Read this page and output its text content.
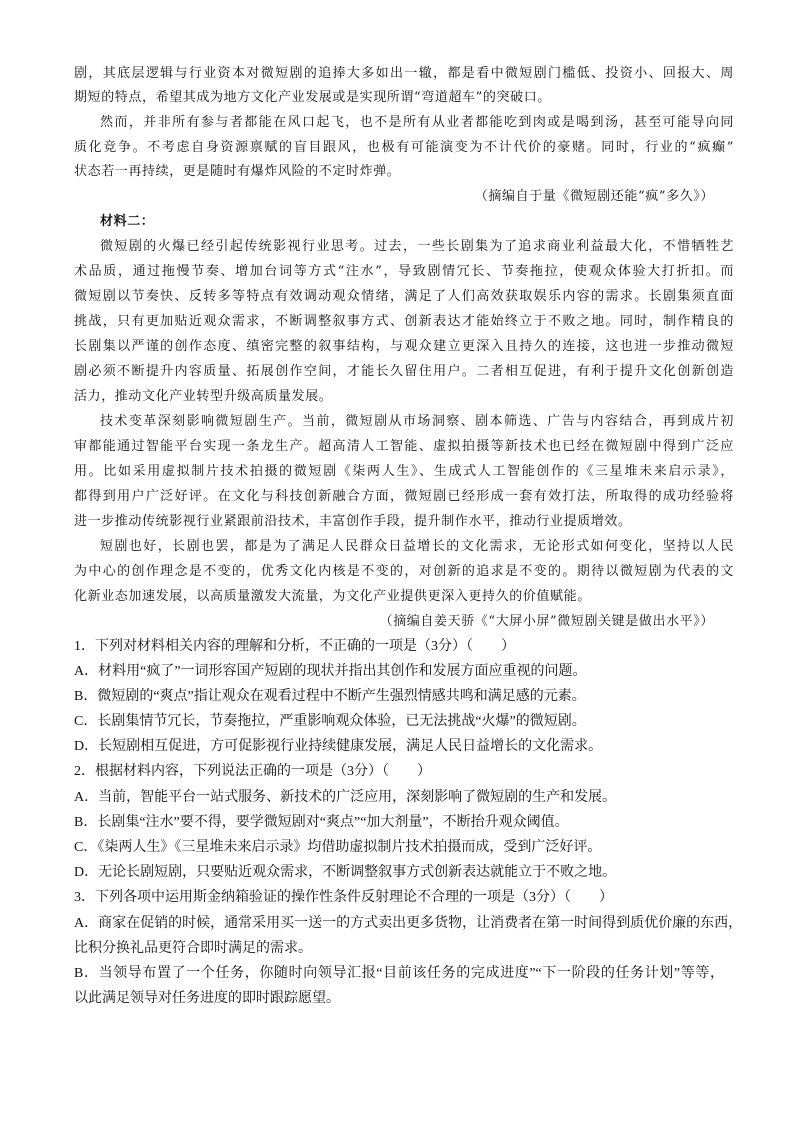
剧，其底层逻辑与行业资本对微短剧的追捧大多如出一辙，都是看中微短剧门槛低、投资小、回报大、周
期短的特点，希望其成为地方文化产业发展或是实现所谓“弯道超车”的突破口。
然而，并非所有参与者都能在风口起飞，也不是所有从业者都能吃到肉或是喝到汤，甚至可能导向同
质化竞争。不考虑自身资源禀赋的盲目跟风，也极有可能演变为不计代价的豪赌。同时，行业的“疯癫”
状态若一再持续，更是随时有爆炸风险的不定时炸弹。
（摘编自于量《微短剧还能“疯”多久》）
材料二：
微短剧的火爆已经引起传统影视行业思考。过去，一些长剧集为了追求商业利益最大化，不惜牺牲艺
术品质，通过拖慢节奏、增加台词等方式“注水”，导致剧情冗长、节奏拖拉，使观众体验大打折扣。而
微短剧以节奏快、反转多等特点有效调动观众情绪，满足了人们高效获取娱乐内容的需求。长剧集须直面
挑战，只有更加贴近观众需求，不断调整叙事方式、创新表达才能始终立于不败之地。同时，制作精良的
长剧集以严谨的创作态度、缜密完整的叙事结构，与观众建立更深入且持久的连接，这也进一步推动微短
剧必须不断提升内容质量、拓展创作空间，才能长久留住用户。二者相互促进，有利于提升文化创新创造
活力，推动文化产业转型升级高质量发展。
技术变革深刻影响微短剧生产。当前，微短剧从市场洞察、剧本筛选、广告与内容结合，再到成片初
审都能通过智能平台实现一条龙生产。超高清人工智能、虚拟拍摄等新技术也已经在微短剧中得到广泛应
用。比如采用虚拟制片技术拍摄的微短剧《柒两人生》、生成式人工智能创作的《三星堆未来启示录》，
都得到用户广泛好评。在文化与科技创新融合方面，微短剧已经形成一套有效打法，所取得的成功经验将
进一步推动传统影视行业紧跟前沿技术，丰富创作手段，提升制作水平，推动行业提质增效。
短剧也好，长剧也罢，都是为了满足人民群众日益增长的文化需求，无论形式如何变化，坚持以人民
为中心的创作理念是不变的，优秀文化内核是不变的，对创新的追求是不变的。期待以微短剧为代表的文
化新业态加速发展，以高质量激发大流量，为文化产业提供更深入更持久的价值赋能。
（摘编自姜天骄《“大屏小屏”微短剧关键是做出水平》）
1．下列对材料相关内容的理解和分析，不正确的一项是（3分）（　　）
A．材料用“疯了”一词形容国产短剧的现状并指出其创作和发展方面应重视的问题。
B．微短剧的“爽点”指让观众在观看过程中不断产生强烈情感共鸣和满足感的元素。
C．长剧集情节冗长，节奏拖拉，严重影响观众体验，已无法挑战“火爆”的微短剧。
D．长短剧相互促进，方可促影视行业持续健康发展，满足人民日益增长的文化需求。
2．根据材料内容，下列说法正确的一项是（3分）（　　）
A．当前，智能平台一站式服务、新技术的广泛应用，深刻影响了微短剧的生产和发展。
B．长剧集“注水”要不得，要学微短剧对“爽点”“加大剂量”，不断抬升观众阈值。
C．《柒两人生》《三星堆未来启示录》均借助虚拟制片技术拍摄而成，受到广泛好评。
D．无论长剧短剧，只要贴近观众需求，不断调整叙事方式创新表达就能立于不败之地。
3．下列各项中运用斯金纳箱验证的操作性条件反射理论不合理的一项是（3分）（　　）
A．商家在促销的时候，通常采用买一送一的方式卖出更多货物，让消费者在第一时间得到质优价廉的东西，
比积分换礼品更符合即时满足的需求。
B．当领导布置了一个任务，你随时向领导汇报“目前该任务的完成进度”“下一阶段的任务计划”等等，
以此满足领导对任务进度的即时跟踪愿望。
